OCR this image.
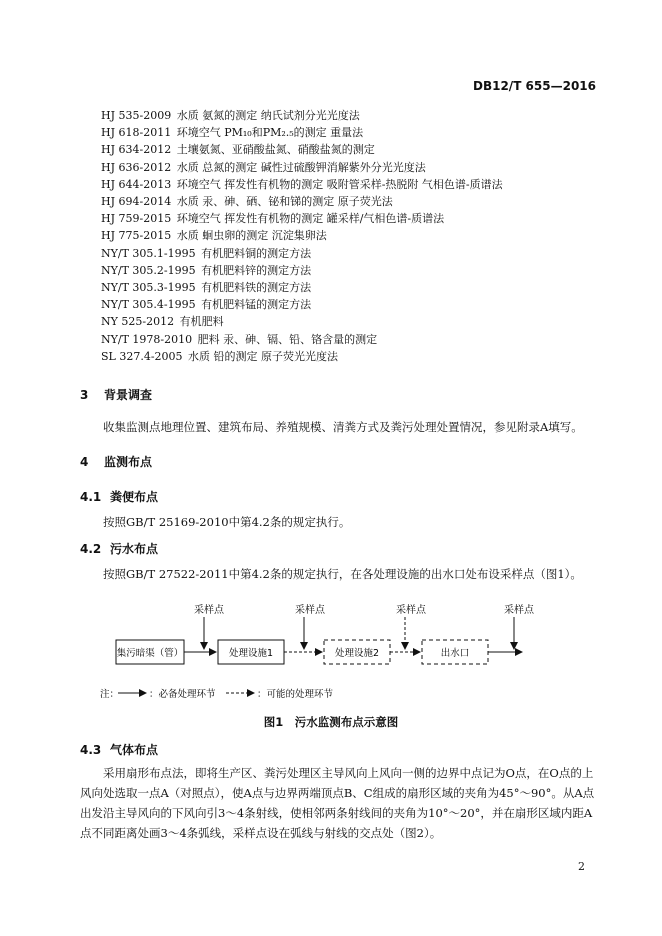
DB12/T 655—2016
HJ 535-2009  水质 氨氮的测定 纳氏试剂分光光度法
HJ 618-2011  环境空气 PM₁₀和PM₂.₅的测定 重量法
HJ 634-2012  土壤氨氮、亚硝酸盐氮、硝酸盐氮的测定
HJ 636-2012  水质 总氮的测定 碱性过硫酸钾消解紫外分光光度法
HJ 644-2013  环境空气 挥发性有机物的测定 吸附管采样-热脱附 气相色谱-质谱法
HJ 694-2014  水质 汞、砷、硒、铋和锑的测定 原子荧光法
HJ 759-2015  环境空气 挥发性有机物的测定 罐采样/气相色谱-质谱法
HJ 775-2015  水质 蛔虫卵的测定 沉淀集卵法
NY/T 305.1-1995  有机肥料铜的测定方法
NY/T 305.2-1995  有机肥料锌的测定方法
NY/T 305.3-1995  有机肥料铁的测定方法
NY/T 305.4-1995  有机肥料锰的测定方法
NY 525-2012  有机肥料
NY/T 1978-2010  肥料 汞、砷、镉、铅、铬含量的测定
SL 327.4-2005  水质 铅的测定 原子荧光光度法
3 背景调查
收集监测点地理位置、建筑布局、养殖规模、清粪方式及粪污处理处置情况，参见附录A填写。
4 监测布点
4.1 粪便布点
按照GB/T 25169-2010中第4.2条的规定执行。
4.2 污水布点
按照GB/T 27522-2011中第4.2条的规定执行，在各处理设施的出水口处布设采样点（图1）。
采样点	采样点	采样点	采样点
集污暗渠（管）	处理设施1	处理设施2	出水口
注：	：必备处理环节	：可能的处理环节
图1　污水监测布点示意图
4.3 气体布点
采用扇形布点法，即将生产区、粪污处理区主导风向上风向一侧的边界中点记为O点，在O点的上风向处选取一点A（对照点），使A点与边界两端顶点B、C组成的扇形区域的夹角为45°～90°。从A点出发沿主导风向的下风向引3～4条射线，使相邻两条射线间的夹角为10°～20°，并在扇形区域内距A点不同距离处画3～4条弧线，采样点设在弧线与射线的交点处（图2）。
2
